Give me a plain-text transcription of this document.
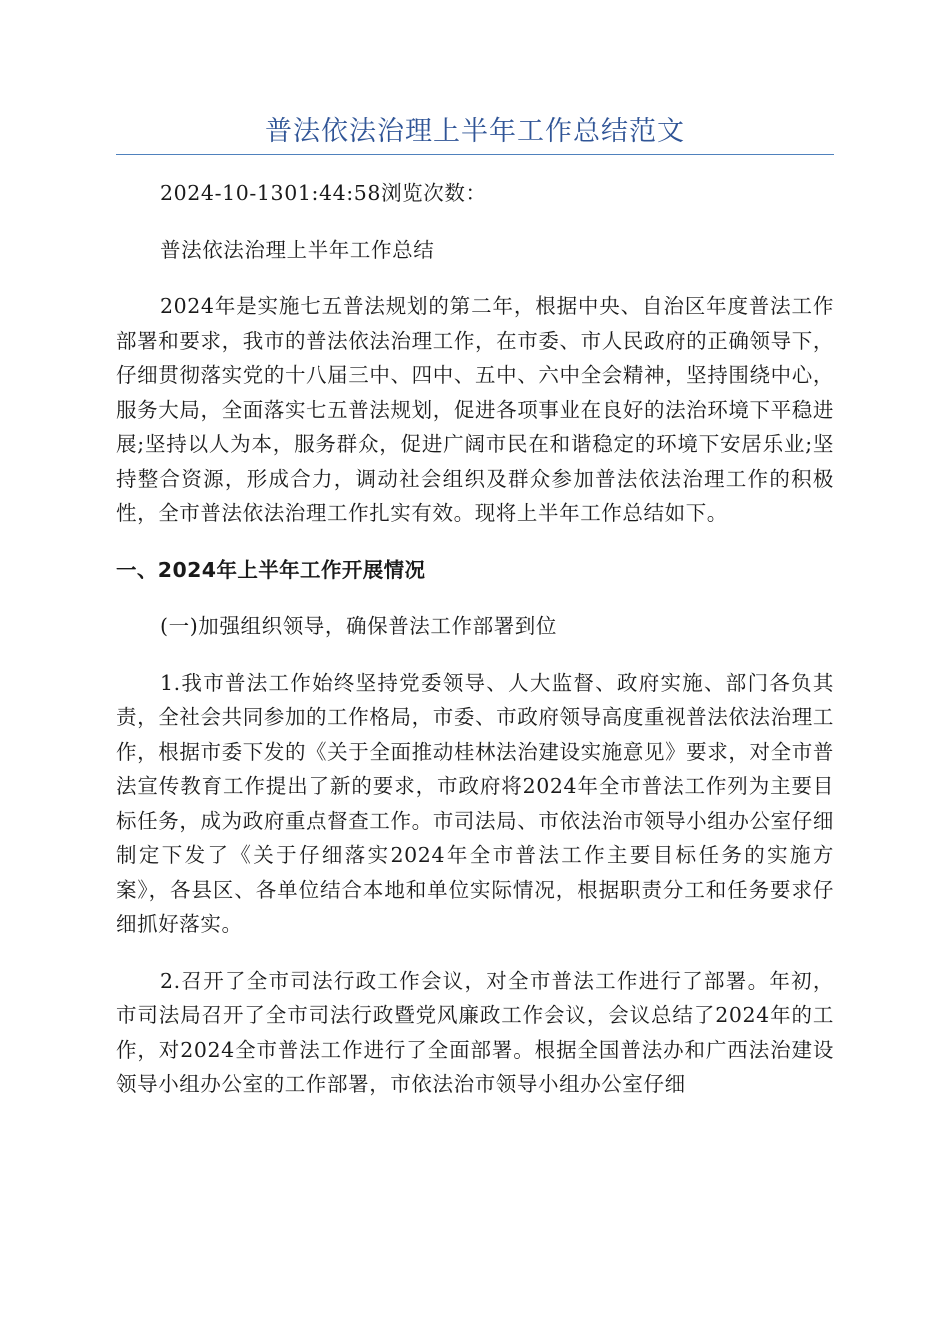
普法依法治理上半年工作总结范文

2024-10-1301:44:58浏览次数：

普法依法治理上半年工作总结

2024年是实施七五普法规划的第二年，根据中央、自治区年度普法工作部署和要求，我市的普法依法治理工作，在市委、市人民政府的正确领导下，仔细贯彻落实党的十八届三中、四中、五中、六中全会精神，坚持围绕中心，服务大局，全面落实七五普法规划，促进各项事业在良好的法治环境下平稳进展;坚持以人为本，服务群众，促进广阔市民在和谐稳定的环境下安居乐业;坚持整合资源，形成合力，调动社会组织及群众参加普法依法治理工作的积极性，全市普法依法治理工作扎实有效。现将上半年工作总结如下。

一、2024年上半年工作开展情况

(一)加强组织领导，确保普法工作部署到位

1.我市普法工作始终坚持党委领导、人大监督、政府实施、部门各负其责，全社会共同参加的工作格局，市委、市政府领导高度重视普法依法治理工作，根据市委下发的《关于全面推动桂林法治建设实施意见》要求，对全市普法宣传教育工作提出了新的要求，市政府将2024年全市普法工作列为主要目标任务，成为政府重点督查工作。市司法局、市依法治市领导小组办公室仔细制定下发了《关于仔细落实2024年全市普法工作主要目标任务的实施方案》，各县区、各单位结合本地和单位实际情况，根据职责分工和任务要求仔细抓好落实。

2.召开了全市司法行政工作会议，对全市普法工作进行了部署。年初，市司法局召开了全市司法行政暨党风廉政工作会议，会议总结了2024年的工作，对2024全市普法工作进行了全面部署。根据全国普法办和广西法治建设领导小组办公室的工作部署，市依法治市领导小组办公室仔细
